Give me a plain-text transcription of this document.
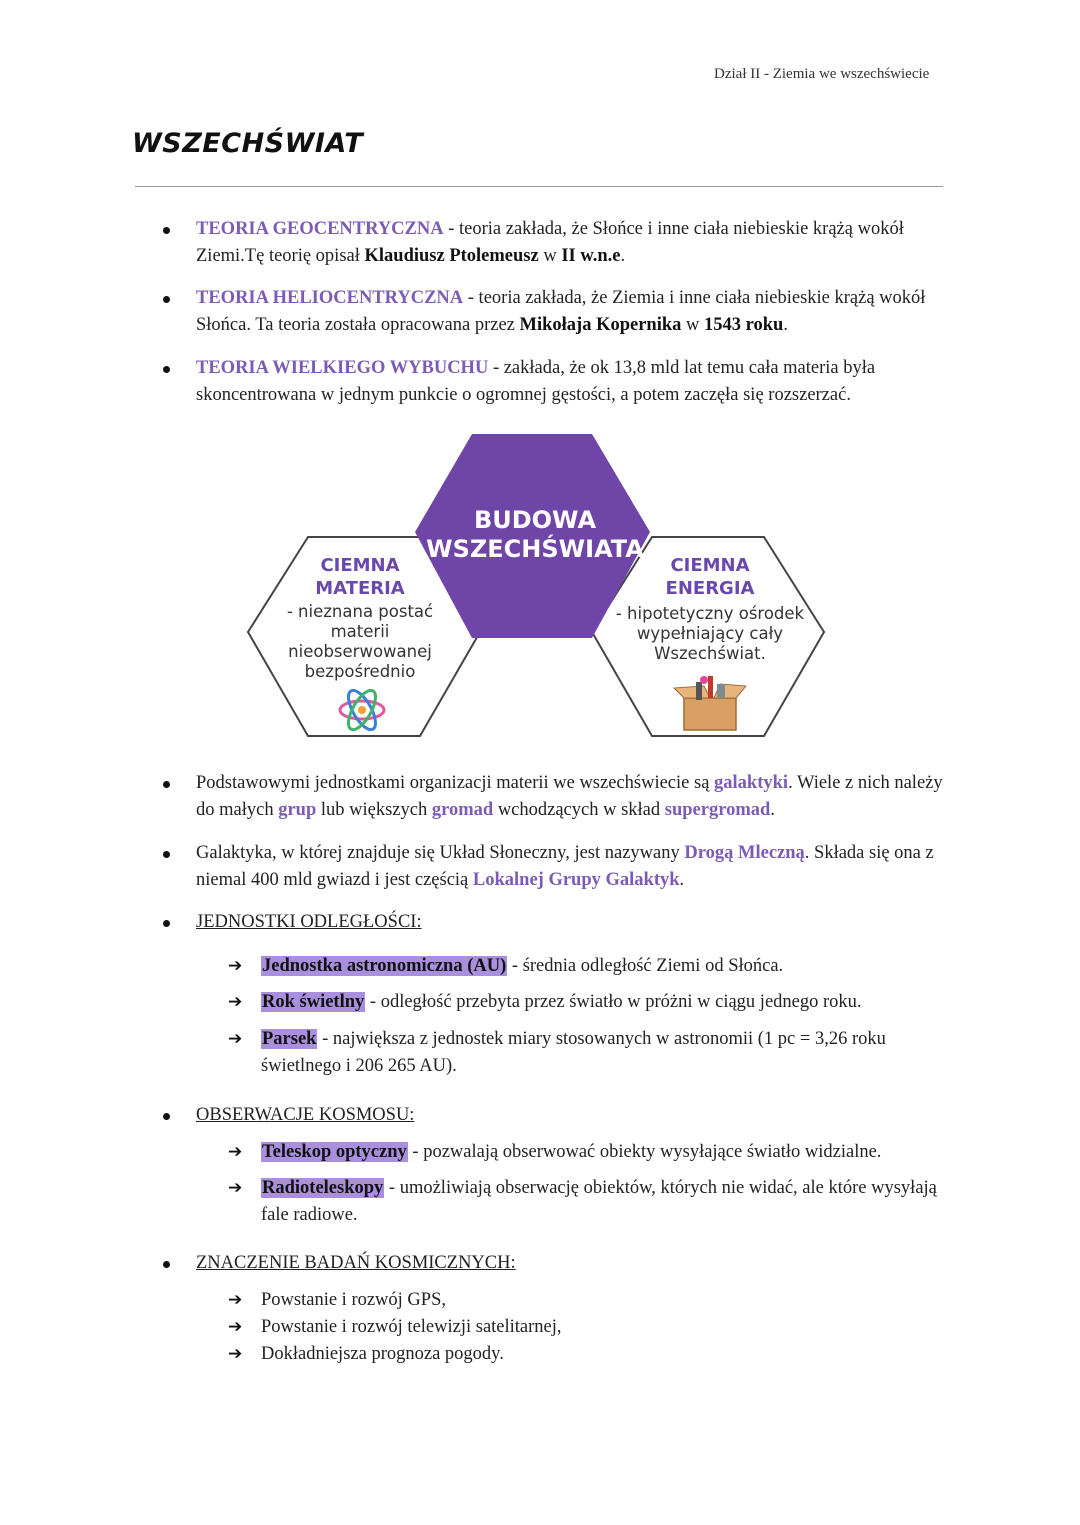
Dział II - Ziemia we wszechświecie
WSZECHŚWIAT
TEORIA GEOCENTRYCZNA - teoria zakłada, że Słońce i inne ciała niebieskie krążą wokół Ziemi.Tę teorię opisał Klaudiusz Ptolemeusz w II w.n.e.
TEORIA HELIOCENTRYCZNA - teoria zakłada, że Ziemia i inne ciała niebieskie krążą wokół Słońca. Ta teoria została opracowana przez Mikołaja Kopernika w 1543 roku.
TEORIA WIELKIEGO WYBUCHU - zakłada, że ok 13,8 mld lat temu cała materia była skoncentrowana w jednym punkcie o ogromnej gęstości, a potem zaczęła się rozszerzać.
BUDOWA
WSZECHŚWIATA
CIEMNA
MATERIA
- nieznana postać materii nieobserwowanej bezpośrednio
CIEMNA
ENERGIA
- hipotetyczny ośrodek wypełniający cały Wszechświat.
Podstawowymi jednostkami organizacji materii we wszechświecie są galaktyki. Wiele z nich należy do małych grup lub większych gromad wchodzących w skład supergromad.
Galaktyka, w której znajduje się Układ Słoneczny, jest nazywany Drogą Mleczną. Składa się ona z niemal 400 mld gwiazd i jest częścią Lokalnej Grupy Galaktyk.
JEDNOSTKI ODLEGŁOŚCI:
➔ Jednostka astronomiczna (AU) - średnia odległość Ziemi od Słońca.
➔ Rok świetlny - odległość przebyta przez światło w próżni w ciągu jednego roku.
➔ Parsek - największa z jednostek miary stosowanych w astronomii (1 pc = 3,26 roku świetlnego i 206 265 AU).
OBSERWACJE KOSMOSU:
➔ Teleskop optyczny - pozwalają obserwować obiekty wysyłające światło widzialne.
➔ Radioteleskopy - umożliwiają obserwację obiektów, których nie widać, ale które wysyłają fale radiowe.
ZNACZENIE BADAŃ KOSMICZNYCH:
➔ Powstanie i rozwój GPS,
➔ Powstanie i rozwój telewizji satelitarnej,
➔ Dokładniejsza prognoza pogody.
